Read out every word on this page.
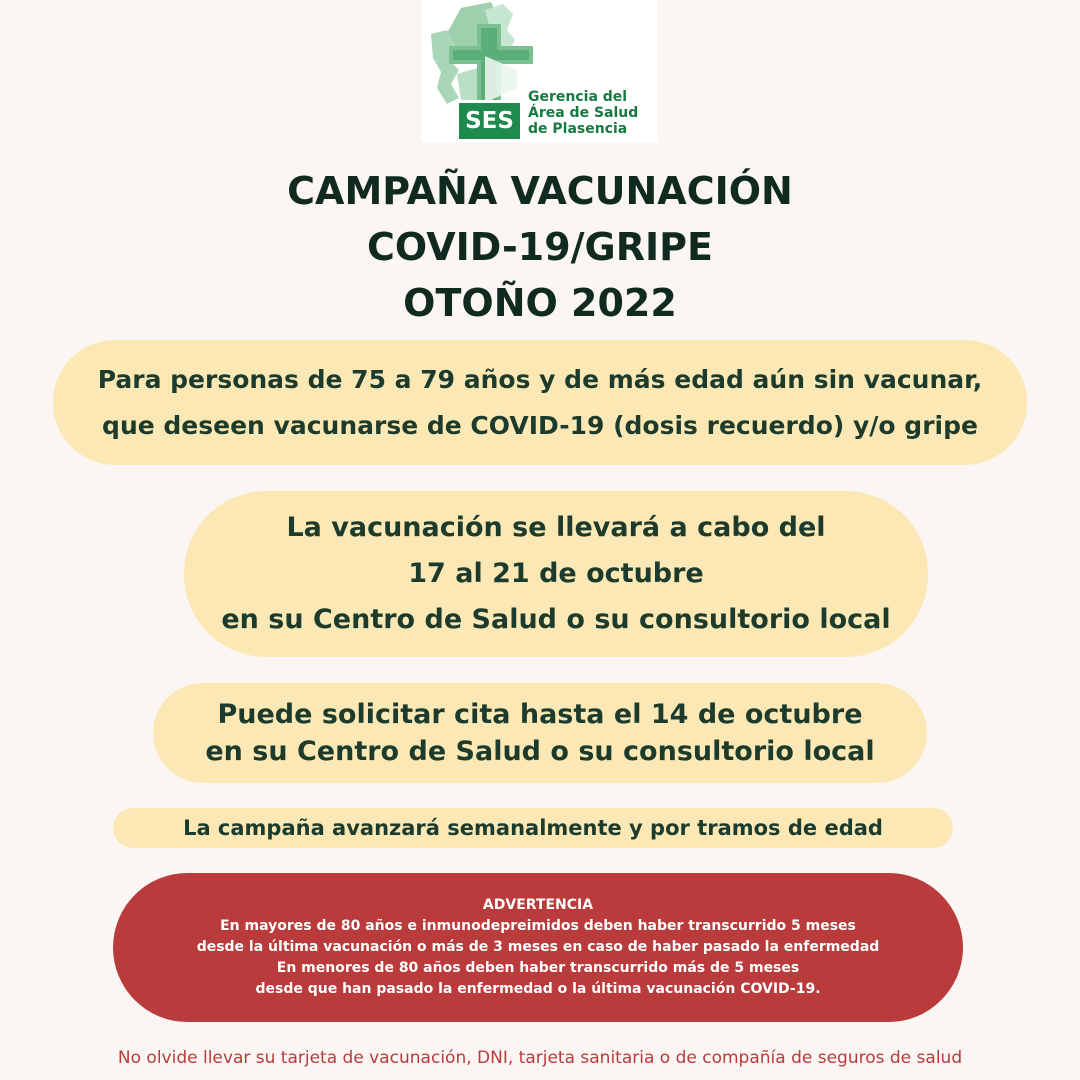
SES
Gerencia del
Área de Salud
de Plasencia
CAMPAÑA VACUNACIÓN
COVID-19/GRIPE
OTOÑO 2022
Para personas de 75 a 79 años y de más edad aún sin vacunar,
que deseen vacunarse de COVID-19 (dosis recuerdo) y/o gripe
La vacunación se llevará a cabo del
17 al 21 de octubre
en su Centro de Salud o su consultorio local
Puede solicitar cita hasta el 14 de octubre
en su Centro de Salud o su consultorio local
La campaña avanzará semanalmente y por tramos de edad
ADVERTENCIA
En mayores de 80 años e inmunodepreimidos deben haber transcurrido 5 meses
desde la última vacunación o más de 3 meses en caso de haber pasado la enfermedad
En menores de 80 años deben haber transcurrido más de 5 meses
desde que han pasado la enfermedad o la última vacunación COVID-19.
No olvide llevar su tarjeta de vacunación, DNI, tarjeta sanitaria o de compañía de seguros de salud
